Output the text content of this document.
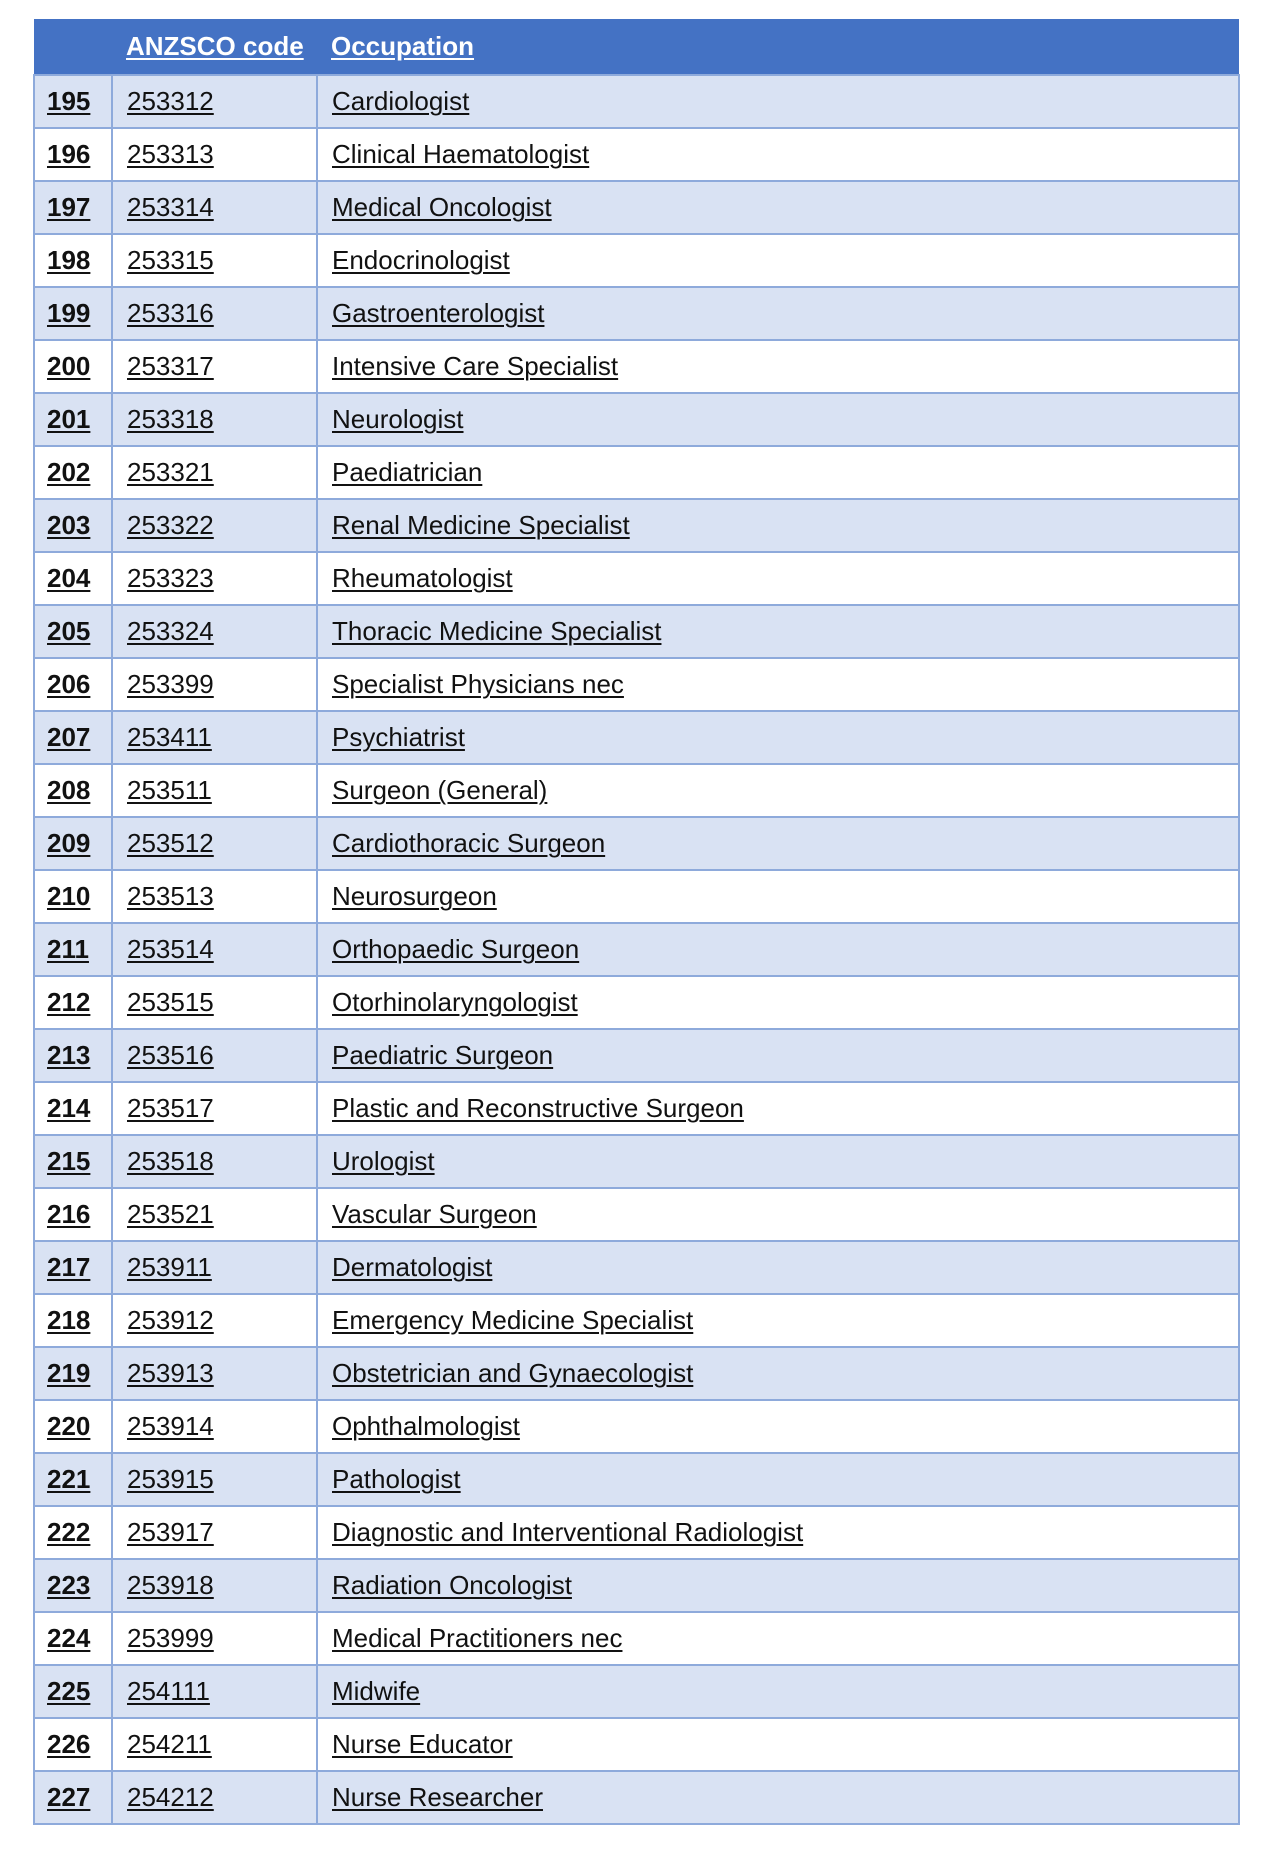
	ANZSCO code	Occupation
195	253312	Cardiologist
196	253313	Clinical Haematologist
197	253314	Medical Oncologist
198	253315	Endocrinologist
199	253316	Gastroenterologist
200	253317	Intensive Care Specialist
201	253318	Neurologist
202	253321	Paediatrician
203	253322	Renal Medicine Specialist
204	253323	Rheumatologist
205	253324	Thoracic Medicine Specialist
206	253399	Specialist Physicians nec
207	253411	Psychiatrist
208	253511	Surgeon (General)
209	253512	Cardiothoracic Surgeon
210	253513	Neurosurgeon
211	253514	Orthopaedic Surgeon
212	253515	Otorhinolaryngologist
213	253516	Paediatric Surgeon
214	253517	Plastic and Reconstructive Surgeon
215	253518	Urologist
216	253521	Vascular Surgeon
217	253911	Dermatologist
218	253912	Emergency Medicine Specialist
219	253913	Obstetrician and Gynaecologist
220	253914	Ophthalmologist
221	253915	Pathologist
222	253917	Diagnostic and Interventional Radiologist
223	253918	Radiation Oncologist
224	253999	Medical Practitioners nec
225	254111	Midwife
226	254211	Nurse Educator
227	254212	Nurse Researcher
